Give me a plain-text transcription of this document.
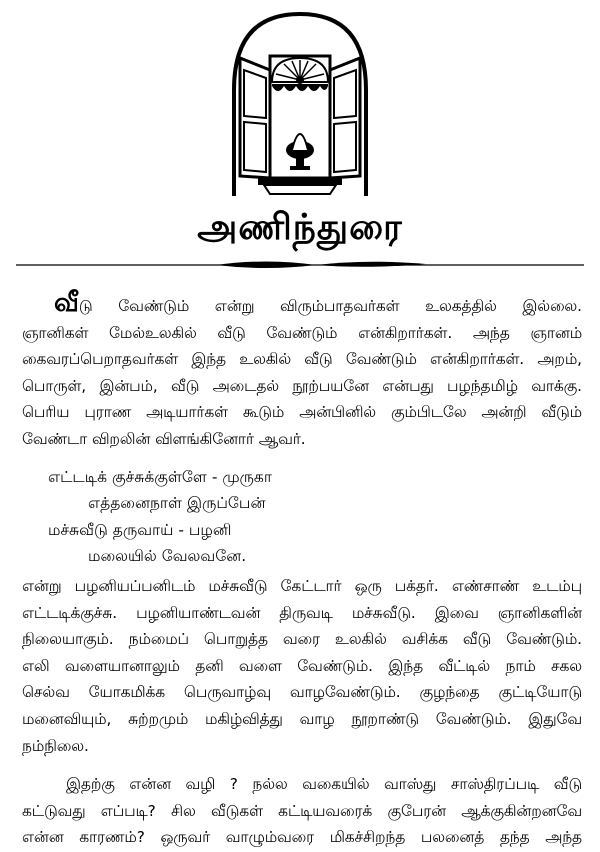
அணிந்துரை
வீடு வேண்டும் என்று விரும்பாதவர்கள் உலகத்தில் இல்லை.
ஞானிகள் மேல்உலகில் வீடு வேண்டும் என்கிறார்கள். அந்த ஞானம்
கைவரப்பெறாதவர்கள் இந்த உலகில் வீடு வேண்டும் என்கிறார்கள். அறம்,
பொருள், இன்பம், வீடு அடைதல் நூற்பயனே என்பது பழந்தமிழ் வாக்கு.
பெரிய புராண அடியார்கள் கூடும் அன்பினில் கும்பிடலே அன்றி வீடும்
வேண்டா விறலின் விளங்கினோர் ஆவர்.
எட்டடிக் குச்சுக்குள்ளே - முருகா
எத்தனைநாள் இருப்பேன்
மச்சுவீடு தருவாய் - பழனி
மலையில் வேலவனே.
என்று பழனியப்பனிடம் மச்சுவீடு கேட்டார் ஒரு பக்தர். எண்சாண் உடம்பு
எட்டடிக்குச்சு. பழனியாண்டவன் திருவடி மச்சுவீடு. இவை ஞானிகளின்
நிலையாகும். நம்மைப் பொறுத்த வரை உலகில் வசிக்க வீடு வேண்டும்.
எலி வளையானாலும் தனி வளை வேண்டும். இந்த வீட்டில் நாம் சகல
செல்வ யோகமிக்க பெருவாழ்வு வாழவேண்டும். குழந்தை குட்டியோடு
மனைவியும், சுற்றமும் மகிழ்வித்து வாழ நூறாண்டு வேண்டும். இதுவே
நம்நிலை.
இதற்கு என்ன வழி ? நல்ல வகையில் வாஸ்து சாஸ்திரப்படி வீடு
கட்டுவது எப்படி? சில வீடுகள் கட்டியவரைக் குபேரன் ஆக்குகின்றனவே
என்ன காரணம்? ஒருவர் வாழும்வரை மிகச்சிறந்த பலனைத் தந்த அந்த
